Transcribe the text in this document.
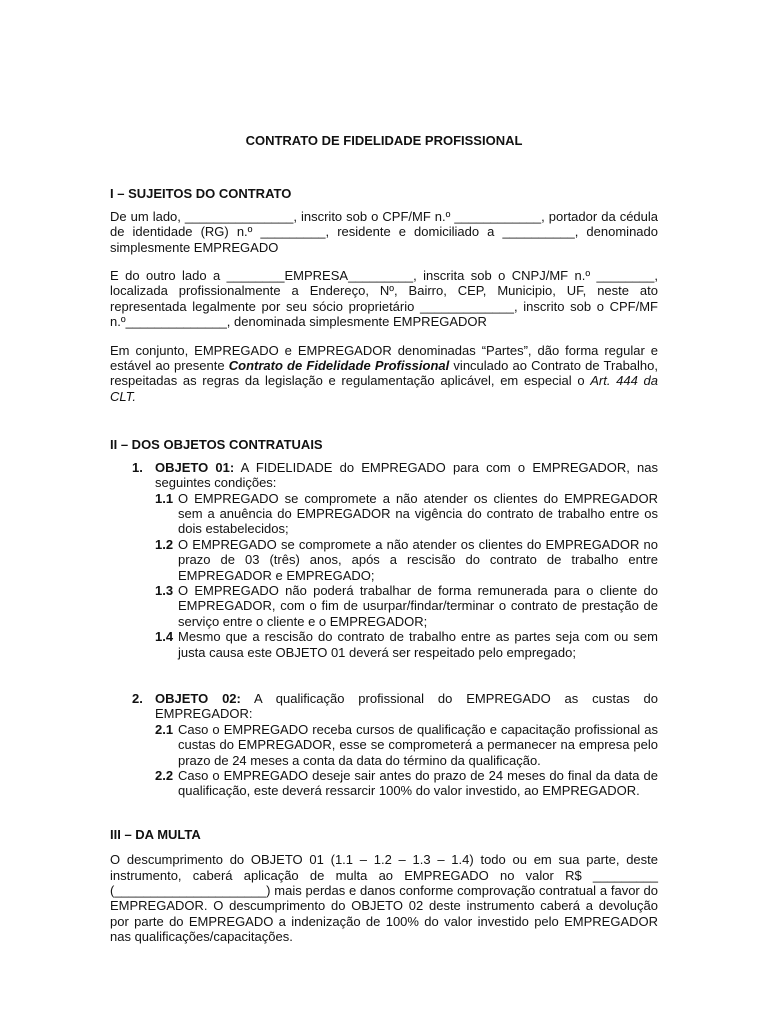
CONTRATO DE FIDELIDADE PROFISSIONAL
I – SUJEITOS DO CONTRATO

De um lado, _______________, inscrito sob o CPF/MF n.º ____________, portador da cédula de identidade (RG) n.º _________, residente e domiciliado a __________, denominado simplesmente EMPREGADO

E do outro lado a ________EMPRESA_________, inscrita sob o CNPJ/MF n.º ________, localizada profissionalmente a Endereço, Nº, Bairro, CEP, Municipio, UF, neste ato representada legalmente por seu sócio proprietário _____________, inscrito sob o CPF/MF n.º______________, denominada simplesmente EMPREGADOR

Em conjunto, EMPREGADO e EMPREGADOR denominadas “Partes”, dão forma regular e estável ao presente Contrato de Fidelidade Profissional vinculado ao Contrato de Trabalho, respeitadas as regras da legislação e regulamentação aplicável, em especial o Art. 444 da CLT.

II – DOS OBJETOS CONTRATUAIS
1. OBJETO 01: A FIDELIDADE do EMPREGADO para com o EMPREGADOR, nas seguintes condições:
1.1 O EMPREGADO se compromete a não atender os clientes do EMPREGADOR sem a anuência do EMPREGADOR na vigência do contrato de trabalho entre os dois estabelecidos;
1.2 O EMPREGADO se compromete a não atender os clientes do EMPREGADOR no prazo de 03 (três) anos, após a rescisão do contrato de trabalho entre EMPREGADOR e EMPREGADO;
1.3 O EMPREGADO não poderá trabalhar de forma remunerada para o cliente do EMPREGADOR, com o fim de usurpar/findar/terminar o contrato de prestação de serviço entre o cliente e o EMPREGADOR;
1.4 Mesmo que a rescisão do contrato de trabalho entre as partes seja com ou sem justa causa este OBJETO 01 deverá ser respeitado pelo empregado;
2. OBJETO 02: A qualificação profissional do EMPREGADO as custas do EMPREGADOR:
2.1 Caso o EMPREGADO receba cursos de qualificação e capacitação profissional as custas do EMPREGADOR, esse se comprometerá a permanecer na empresa pelo prazo de 24 meses a conta da data do término da qualificação.
2.2 Caso o EMPREGADO deseje sair antes do prazo de 24 meses do final da data de qualificação, este deverá ressarcir 100% do valor investido, ao EMPREGADOR.
III – DA MULTA

O descumprimento do OBJETO 01 (1.1 – 1.2 – 1.3 – 1.4) todo ou em sua parte, deste instrumento, caberá aplicação de multa ao EMPREGADO no valor R$ _________ (_____________________) mais perdas e danos conforme comprovação contratual a favor do EMPREGADOR. O descumprimento do OBJETO 02 deste instrumento caberá a devolução por parte do EMPREGADO a indenização de 100% do valor investido pelo EMPREGADOR nas qualificações/capacitações.
